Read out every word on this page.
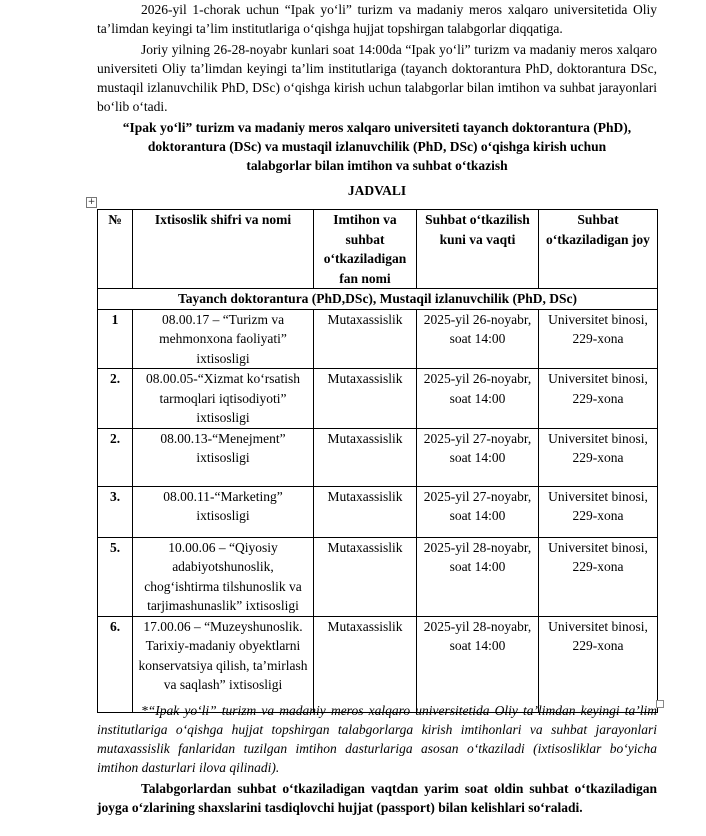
2026-yil 1-chorak uchun “Ipak yo‘li” turizm va madaniy meros xalqaro universitetida Oliy ta’limdan keyingi ta’lim institutlariga o‘qishga hujjat topshirgan talabgorlar diqqatiga.

Joriy yilning 26-28-noyabr kunlari soat 14:00da “Ipak yo‘li” turizm va madaniy meros xalqaro universiteti Oliy ta’limdan keyingi ta’lim institutlariga (tayanch doktorantura PhD, doktorantura DSc, mustaqil izlanuvchilik PhD, DSc) o‘qishga kirish uchun talabgorlar bilan imtihon va suhbat jarayonlari bo‘lib o‘tadi.

“Ipak yo‘li” turizm va madaniy meros xalqaro universiteti tayanch doktorantura (PhD),

doktorantura (DSc) va mustaqil izlanuvchilik (PhD, DSc) o‘qishga kirish uchun

talabgorlar bilan imtihon va suhbat o‘tkazish

JADVALI

+
№	Ixtisoslik shifri va nomi	Imtihon va suhbat o‘tkaziladigan fan nomi	Suhbat o‘tkazilish kuni va vaqti	Suhbat o‘tkaziladigan joy
Tayanch doktorantura (PhD,DSc), Mustaqil izlanuvchilik (PhD, DSc)				
1	08.00.17 – “Turizm va mehmonxona faoliyati” ixtisosligi	Mutaxassislik	2025-yil 26-noyabr, soat 14:00	Universitet binosi, 229-xona
2.	08.00.05-“Xizmat ko‘rsatish tarmoqlari iqtisodiyoti” ixtisosligi	Mutaxassislik	2025-yil 26-noyabr, soat 14:00	Universitet binosi, 229-xona
2.	08.00.13-“Menejment” ixtisosligi	Mutaxassislik	2025-yil 27-noyabr, soat 14:00	Universitet binosi, 229-xona
3.	08.00.11-“Marketing” ixtisosligi	Mutaxassislik	2025-yil 27-noyabr, soat 14:00	Universitet binosi, 229-xona
5.	10.00.06 – “Qiyosiy adabiyotshunoslik, chog‘ishtirma tilshunoslik va tarjimashunaslik” ixtisosligi	Mutaxassislik	2025-yil 28-noyabr, soat 14:00	Universitet binosi, 229-xona
6.	17.00.06 – “Muzeyshunoslik. Tarixiy-madaniy obyektlarni konservatsiya qilish, ta’mirlash va saqlash” ixtisosligi	Mutaxassislik	2025-yil 28-noyabr, soat 14:00	Universitet binosi, 229-xona

*“Ipak yo‘li” turizm va madaniy meros xalqaro universitetida Oliy ta’limdan keyingi ta’lim institutlariga o‘qishga hujjat topshirgan talabgorlarga kirish imtihonlari va suhbat jarayonlari mutaxassislik fanlaridan tuzilgan imtihon dasturlariga asosan o‘tkaziladi (ixtisosliklar bo‘yicha imtihon dasturlari ilova qilinadi).

Talabgorlardan suhbat o‘tkaziladigan vaqtdan yarim soat oldin suhbat o‘tkaziladigan joyga o‘zlarining shaxslarini tasdiqlovchi hujjat (passport) bilan kelishlari so‘raladi.
